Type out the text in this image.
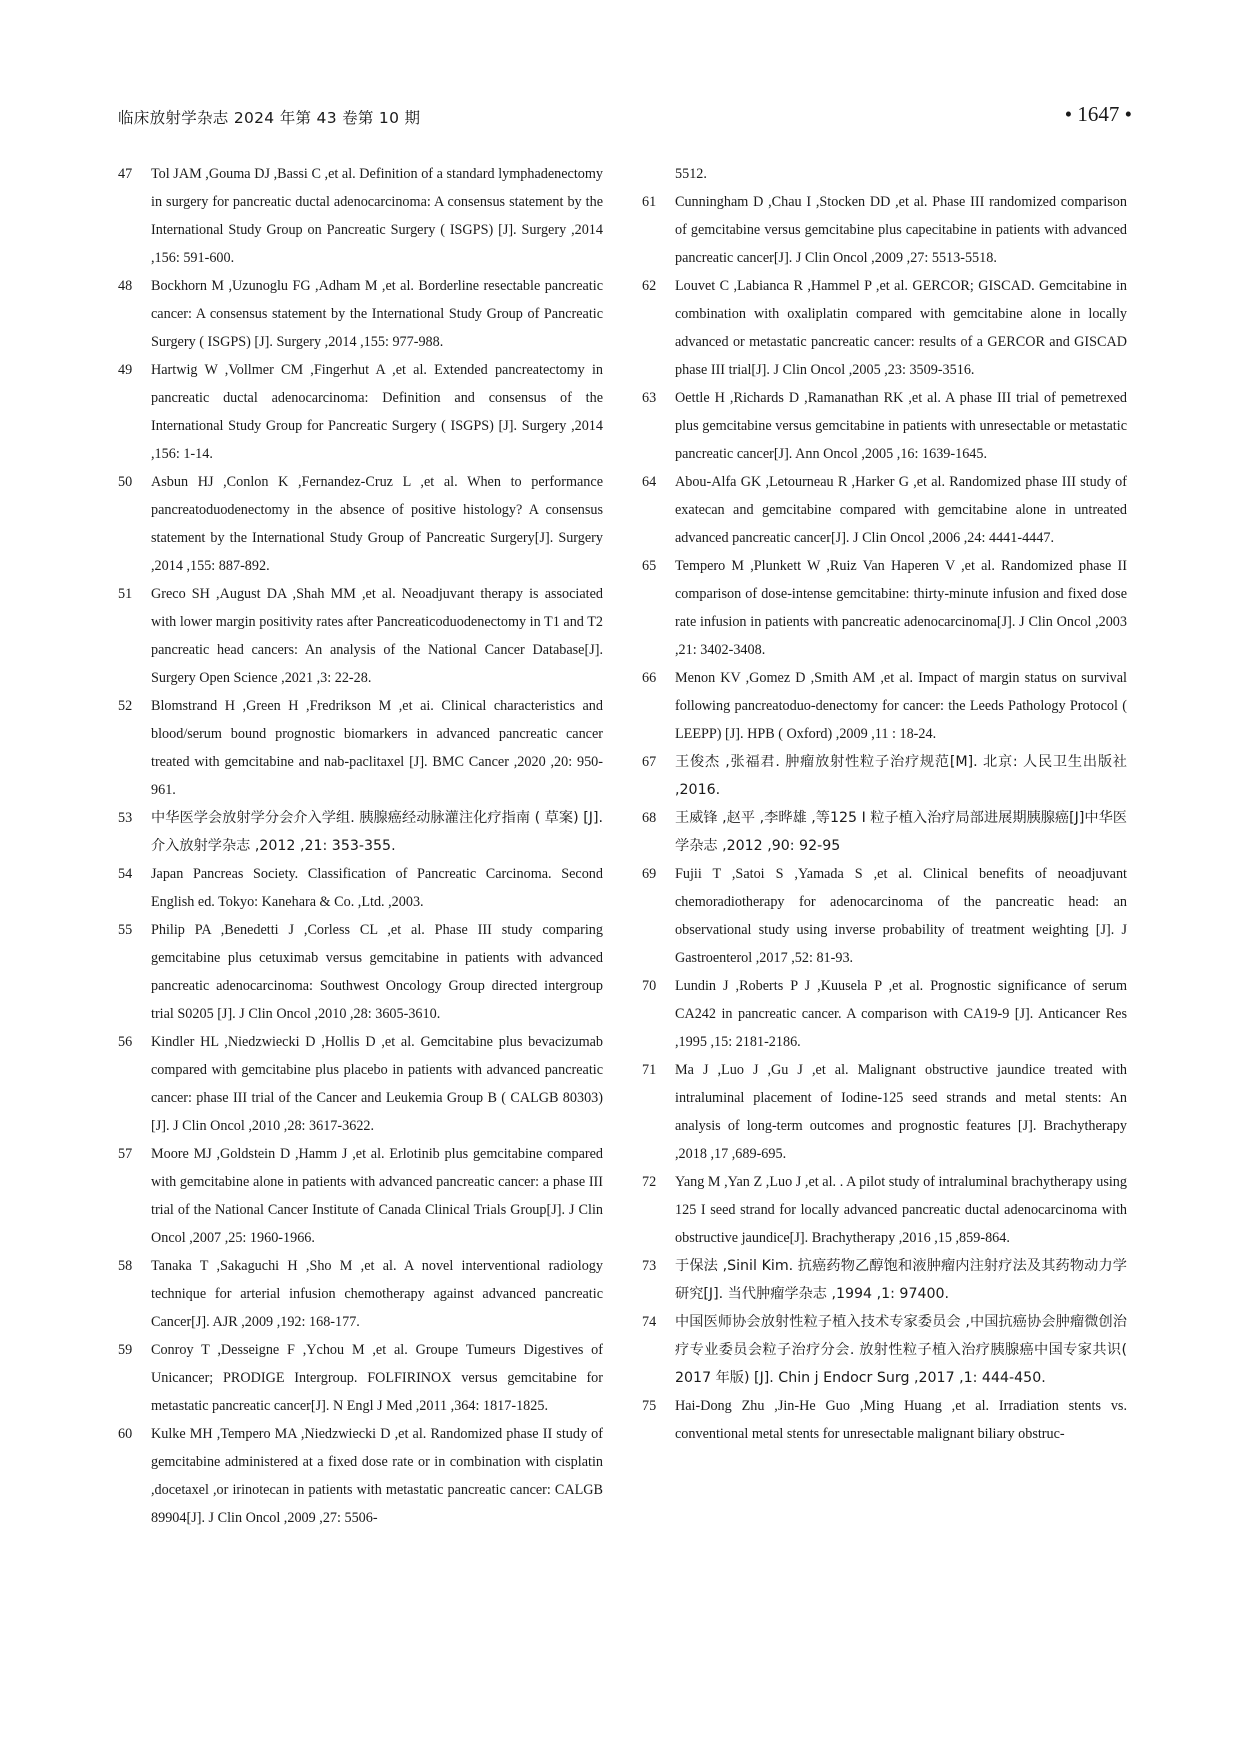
临床放射学杂志 2024 年第 43 卷第 10 期	• 1647 •
47	Tol JAM ,Gouma DJ ,Bassi C ,et al. Definition of a standard lymphadenectomy in surgery for pancreatic ductal adenocarcinoma: A consensus statement by the International Study Group on Pancreatic Surgery ( ISGPS) [J]. Surgery ,2014 ,156: 591-600.
48	Bockhorn M ,Uzunoglu FG ,Adham M ,et al. Borderline resectable pancreatic cancer: A consensus statement by the International Study Group of Pancreatic Surgery ( ISGPS) [J]. Surgery ,2014 ,155: 977-988.
49	Hartwig W ,Vollmer CM ,Fingerhut A ,et al. Extended pancreatectomy in pancreatic ductal adenocarcinoma: Definition and consensus of the International Study Group for Pancreatic Surgery ( ISGPS) [J]. Surgery ,2014 ,156: 1-14.
50	Asbun HJ ,Conlon K ,Fernandez-Cruz L ,et al. When to performance pancreatoduodenectomy in the absence of positive histology? A consensus statement by the International Study Group of Pancreatic Surgery[J]. Surgery ,2014 ,155: 887-892.
51	Greco SH ,August DA ,Shah MM ,et al. Neoadjuvant therapy is associated with lower margin positivity rates after Pancreaticoduodenectomy in T1 and T2 pancreatic head cancers: An analysis of the National Cancer Database[J]. Surgery Open Science ,2021 ,3: 22-28.
52	Blomstrand H ,Green H ,Fredrikson M ,et ai. Clinical characteristics and blood/serum bound prognostic biomarkers in advanced pancreatic cancer treated with gemcitabine and nab-paclitaxel [J]. BMC Cancer ,2020 ,20: 950-961.
53	中华医学会放射学分会介入学组. 胰腺癌经动脉灌注化疗指南 ( 草案) [J]. 介入放射学杂志 ,2012 ,21: 353-355.
54	Japan Pancreas Society. Classification of Pancreatic Carcinoma. Second English ed. Tokyo: Kanehara & Co. ,Ltd. ,2003.
55	Philip PA ,Benedetti J ,Corless CL ,et al. Phase III study comparing gemcitabine plus cetuximab versus gemcitabine in patients with advanced pancreatic adenocarcinoma: Southwest Oncology Group directed intergroup trial S0205 [J]. J Clin Oncol ,2010 ,28: 3605-3610.
56	Kindler HL ,Niedzwiecki D ,Hollis D ,et al. Gemcitabine plus bevacizumab compared with gemcitabine plus placebo in patients with advanced pancreatic cancer: phase III trial of the Cancer and Leukemia Group B ( CALGB 80303) [J]. J Clin Oncol ,2010 ,28: 3617-3622.
57	Moore MJ ,Goldstein D ,Hamm J ,et al. Erlotinib plus gemcitabine compared with gemcitabine alone in patients with advanced pancreatic cancer: a phase III trial of the National Cancer Institute of Canada Clinical Trials Group[J]. J Clin Oncol ,2007 ,25: 1960-1966.
58	Tanaka T ,Sakaguchi H ,Sho M ,et al. A novel interventional radiology technique for arterial infusion chemotherapy against advanced pancreatic Cancer[J]. AJR ,2009 ,192: 168-177.
59	Conroy T ,Desseigne F ,Ychou M ,et al. Groupe Tumeurs Digestives of Unicancer; PRODIGE Intergroup. FOLFIRINOX versus gemcitabine for metastatic pancreatic cancer[J]. N Engl J Med ,2011 ,364: 1817-1825.
60	Kulke MH ,Tempero MA ,Niedzwiecki D ,et al. Randomized phase II study of gemcitabine administered at a fixed dose rate or in combination with cisplatin ,docetaxel ,or irinotecan in patients with metastatic pancreatic cancer: CALGB 89904[J]. J Clin Oncol ,2009 ,27: 5506-
5512.
61	Cunningham D ,Chau I ,Stocken DD ,et al. Phase III randomized comparison of gemcitabine versus gemcitabine plus capecitabine in patients with advanced pancreatic cancer[J]. J Clin Oncol ,2009 ,27: 5513-5518.
62	Louvet C ,Labianca R ,Hammel P ,et al. GERCOR; GISCAD. Gemcitabine in combination with oxaliplatin compared with gemcitabine alone in locally advanced or metastatic pancreatic cancer: results of a GERCOR and GISCAD phase III trial[J]. J Clin Oncol ,2005 ,23: 3509-3516.
63	Oettle H ,Richards D ,Ramanathan RK ,et al. A phase III trial of pemetrexed plus gemcitabine versus gemcitabine in patients with unresectable or metastatic pancreatic cancer[J]. Ann Oncol ,2005 ,16: 1639-1645.
64	Abou-Alfa GK ,Letourneau R ,Harker G ,et al. Randomized phase III study of exatecan and gemcitabine compared with gemcitabine alone in untreated advanced pancreatic cancer[J]. J Clin Oncol ,2006 ,24: 4441-4447.
65	Tempero M ,Plunkett W ,Ruiz Van Haperen V ,et al. Randomized phase II comparison of dose-intense gemcitabine: thirty-minute infusion and fixed dose rate infusion in patients with pancreatic adenocarcinoma[J]. J Clin Oncol ,2003 ,21: 3402-3408.
66	Menon KV ,Gomez D ,Smith AM ,et al. Impact of margin status on survival following pancreatoduo-denectomy for cancer: the Leeds Pathology Protocol ( LEEPP) [J]. HPB ( Oxford) ,2009 ,11 : 18-24.
67	王俊杰 ,张福君. 肿瘤放射性粒子治疗规范[M]. 北京: 人民卫生出版社 ,2016.
68	王威锋 ,赵平 ,李晔雄 ,等125 I 粒子植入治疗局部进展期胰腺癌[J]中华医学杂志 ,2012 ,90: 92-95
69	Fujii T ,Satoi S ,Yamada S ,et al. Clinical benefits of neoadjuvant chemoradiotherapy for adenocarcinoma of the pancreatic head: an observational study using inverse probability of treatment weighting [J]. J Gastroenterol ,2017 ,52: 81-93.
70	Lundin J ,Roberts P J ,Kuusela P ,et al. Prognostic significance of serum CA242 in pancreatic cancer. A comparison with CA19-9 [J]. Anticancer Res ,1995 ,15: 2181-2186.
71	Ma J ,Luo J ,Gu J ,et al. Malignant obstructive jaundice treated with intraluminal placement of Iodine-125 seed strands and metal stents: An analysis of long-term outcomes and prognostic features [J]. Brachytherapy ,2018 ,17 ,689-695.
72	Yang M ,Yan Z ,Luo J ,et al. . A pilot study of intraluminal brachytherapy using 125 I seed strand for locally advanced pancreatic ductal adenocarcinoma with obstructive jaundice[J]. Brachytherapy ,2016 ,15 ,859-864.
73	于保法 ,Sinil Kim. 抗癌药物乙醇饱和液肿瘤内注射疗法及其药物动力学研究[J]. 当代肿瘤学杂志 ,1994 ,1: 97400.
74	中国医师协会放射性粒子植入技术专家委员会 ,中国抗癌协会肿瘤微创治疗专业委员会粒子治疗分会. 放射性粒子植入治疗胰腺癌中国专家共识( 2017 年版) [J]. Chin j Endocr Surg ,2017 ,1: 444-450.
75	Hai-Dong Zhu ,Jin-He Guo ,Ming Huang ,et al. Irradiation stents vs. conventional metal stents for unresectable malignant biliary obstruc-
